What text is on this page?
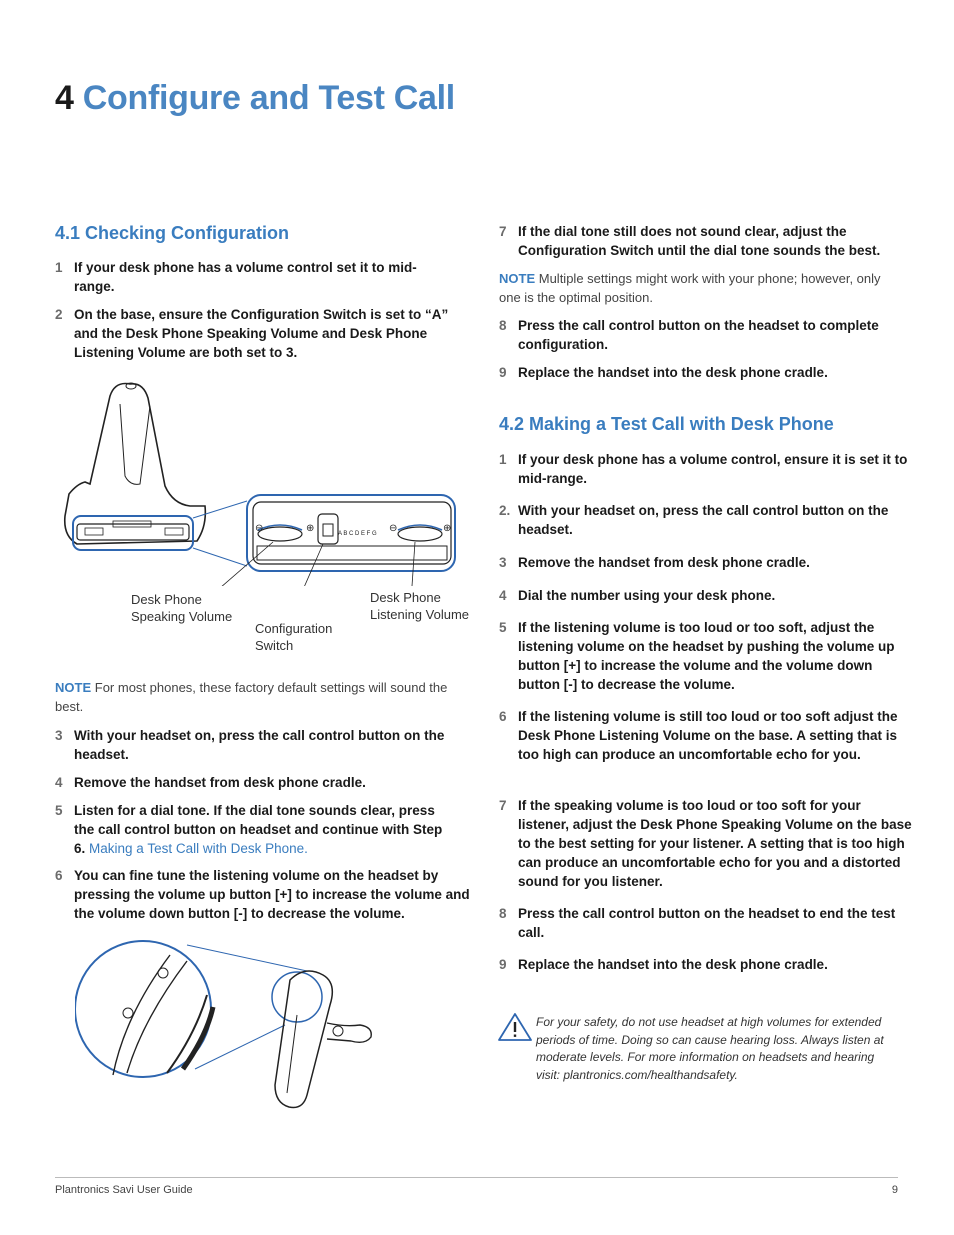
4 Configure and Test Call
4.1 Checking Configuration
1 If your desk phone has a volume control set it to mid-range.
2 On the base, ensure the Configuration Switch is set to “A” and the Desk Phone Speaking Volume and Desk Phone Listening Volume are both set to 3.
⊖	⊕	A B C D E F G ⊖	⊕
Desk Phone Speaking Volume
Configuration Switch
Desk Phone Listening Volume
NOTE For most phones, these factory default settings will sound the best.
3 With your headset on, press the call control button on the headset.
4 Remove the handset from desk phone cradle.
5 Listen for a dial tone. If the dial tone sounds clear, press the call control button on headset and continue with Step 6. Making a Test Call with Desk Phone.
6 You can fine tune the listening volume on the headset by pressing the volume up button [+] to increase the volume and the volume down button [-] to decrease the volume.
7 If the dial tone still does not sound clear, adjust the Configuration Switch until the dial tone sounds the best.
NOTE Multiple settings might work with your phone; however, only one is the optimal position.
8 Press the call control button on the headset to complete configuration.
9 Replace the handset into the desk phone cradle.
4.2 Making a Test Call with Desk Phone
1 If your desk phone has a volume control, ensure it is set it to mid-range.
2. With your headset on, press the call control button on the headset.
3 Remove the handset from desk phone cradle.
4 Dial the number using your desk phone.
5 If the listening volume is too loud or too soft, adjust the listening volume on the headset by pushing the volume up button [+] to increase the volume and the volume down button [-] to decrease the volume.
6 If the listening volume is still too loud or too soft adjust the Desk Phone Listening Volume on the base. A setting that is too high can produce an uncomfortable echo for you.
7 If the speaking volume is too loud or too soft for your listener, adjust the Desk Phone Speaking Volume on the base to the best setting for your listener. A setting that is too high can produce an uncomfortable echo for you and a distorted sound for you listener.
8 Press the call control button on the headset to end the test call.
9 Replace the handset into the desk phone cradle.
For your safety, do not use headset at high volumes for extended periods of time. Doing so can cause hearing loss. Always listen at moderate levels. For more information on headsets and hearing visit: plantronics.com/healthandsafety.
Plantronics Savi User Guide	9
